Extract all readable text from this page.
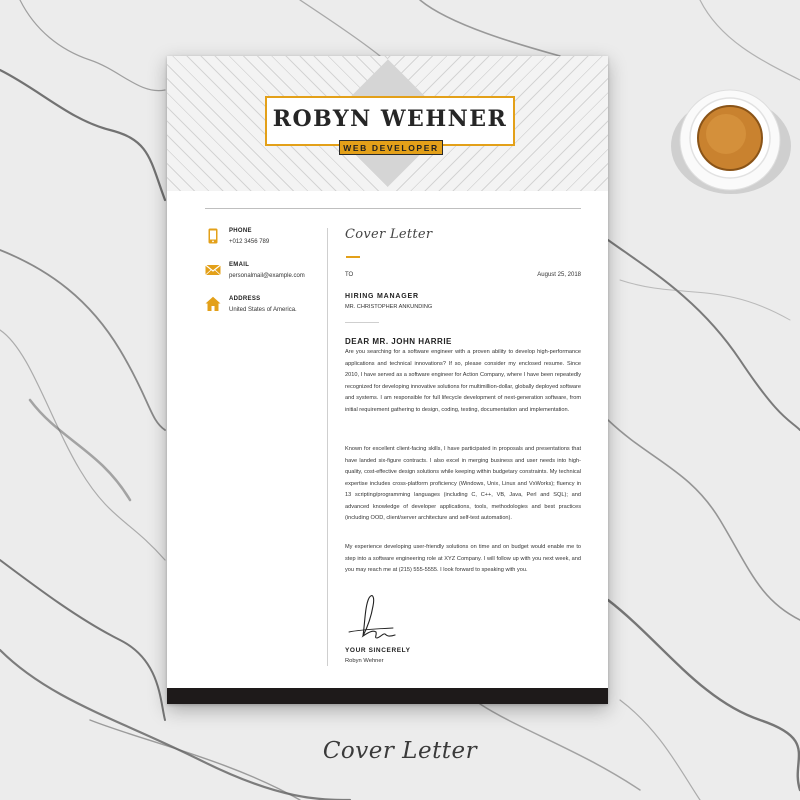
ROBYN WEHNER
WEB DEVELOPER
PHONE
+012 3456 789
EMAIL
personalmail@example.com
ADDRESS
United States of America.
Cover Letter
TO	August 25, 2018
HIRING MANAGER
MR. CHRISTOPHER ANKUNDING
DEAR MR. JOHN HARRIE

Are you searching for a software engineer with a proven ability to develop high-performance applications and technical innovations? If so, please consider my enclosed resume. Since 2010, I have served as a software engineer for Action Company, where I have been repeatedly recognized for developing innovative solutions for multimillion-dollar, globally deployed software and systems. I am responsible for full lifecycle development of next-generation software, from initial requirement gathering to design, coding, testing, documentation and implementation.

Known for excellent client-facing skills, I have participated in proposals and presentations that have landed six-figure contracts. I also excel in merging business and user needs into high-quality, cost-effective design solutions while keeping within budgetary constraints. My technical expertise includes cross-platform proficiency (Windows, Unix, Linux and VxWorks); fluency in 13 scripting/programming languages (including C, C++, VB, Java, Perl and SQL); and advanced knowledge of developer applications, tools, methodologies and best practices (including OOD, client/server architecture and self-test automation).

My experience developing user-friendly solutions on time and on budget would enable me to step into a software engineering role at XYZ Company. I will follow up with you next week, and you may reach me at (215) 555-5555. I look forward to speaking with you.

YOUR SINCERELY
Robyn Wehner
Cover Letter
